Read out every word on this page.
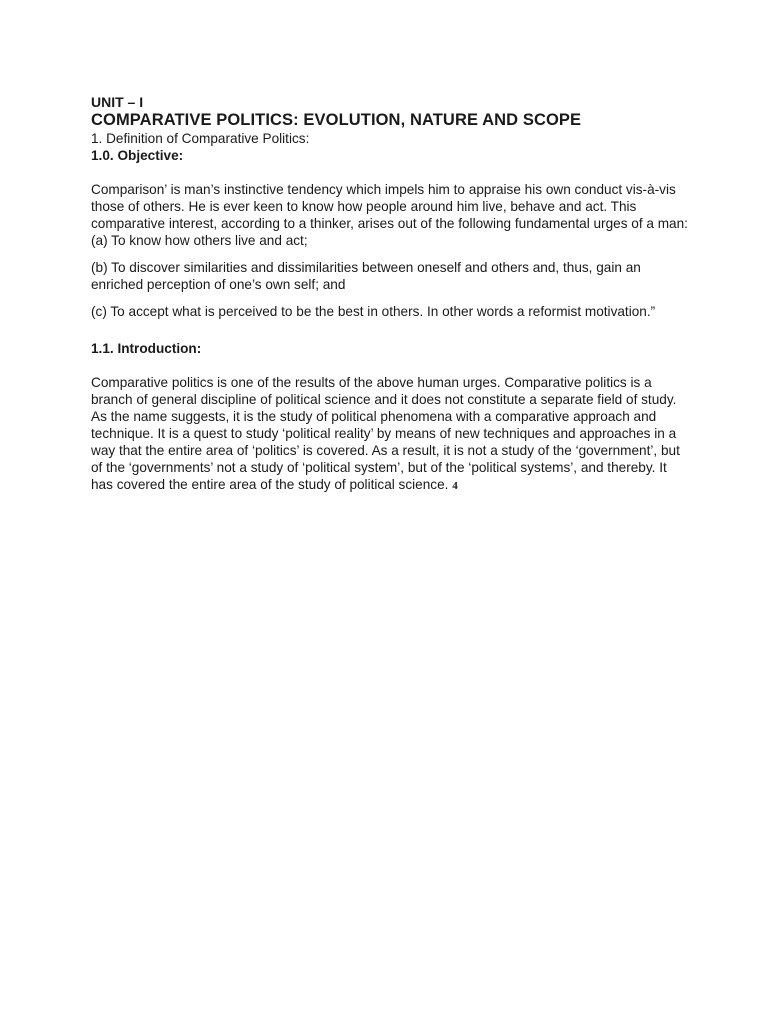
UNIT – I

COMPARATIVE POLITICS: EVOLUTION, NATURE AND SCOPE

1. Definition of Comparative Politics:

1.0. Objective:

Comparison’ is man’s instinctive tendency which impels him to appraise his own conduct vis-à-vis those of others. He is ever keen to know how people around him live, behave and act. This comparative interest, according to a thinker, arises out of the following fundamental urges of a man:

(a) To know how others live and act;

(b) To discover similarities and dissimilarities between oneself and others and, thus, gain an enriched perception of one’s own self; and

(c) To accept what is perceived to be the best in others. In other words a reformist motivation.”

1.1. Introduction:

Comparative politics is one of the results of the above human urges. Comparative politics is a branch of general discipline of political science and it does not constitute a separate field of study. As the name suggests, it is the study of political phenomena with a comparative approach and technique. It is a quest to study ‘political reality’ by means of new techniques and approaches in a way that the entire area of ‘politics’ is covered. As a result, it is not a study of the ‘government’, but of the ‘governments’ not a study of ‘political system’, but of the ‘political systems’, and thereby. It has covered the entire area of the study of political science. 4
